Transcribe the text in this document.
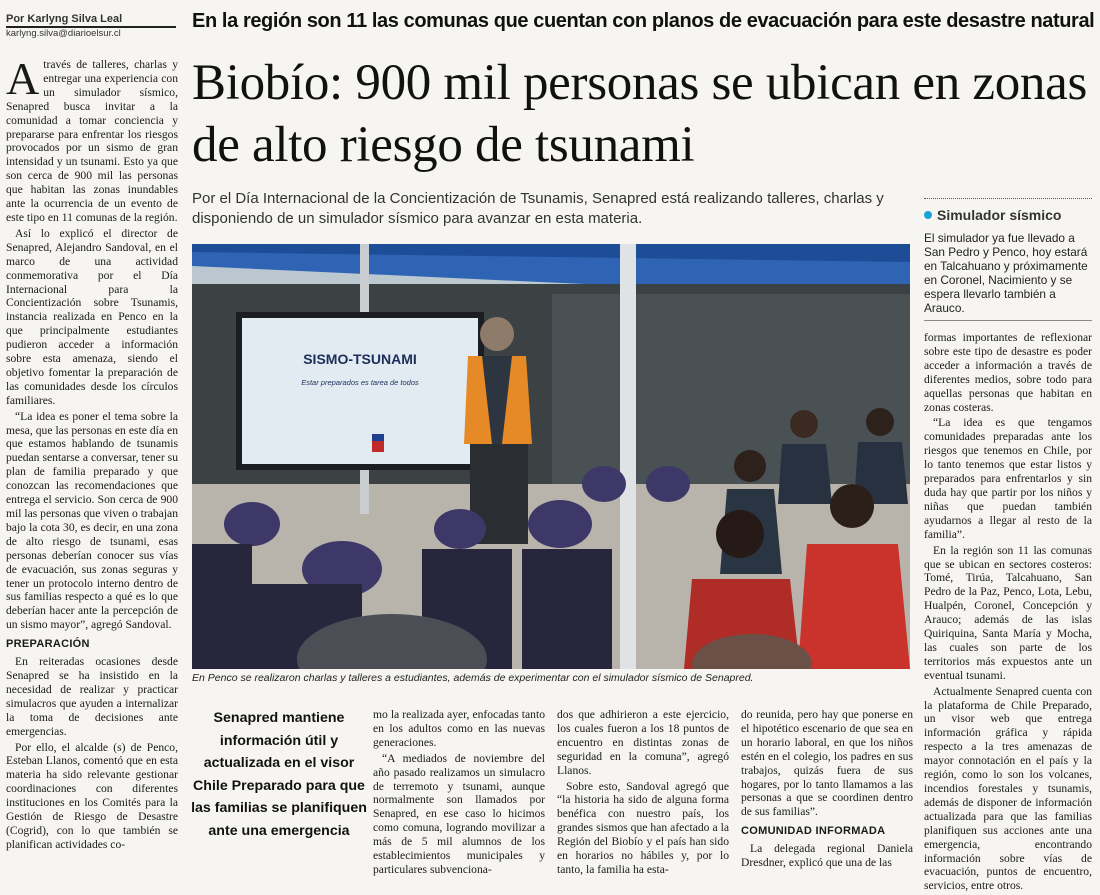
Por Karlyng Silva Leal
karlyng.silva@diarioelsur.cl
En la región son 11 las comunas que cuentan con planos de evacuación para este desastre natural
Biobío: 900 mil personas se ubican en zonas de alto riesgo de tsunami
Por el Día Internacional de la Concientización de Tsunamis, Senapred está realizando talleres, charlas y disponiendo de un simulador sísmico para avanzar en esta materia.	Simulador sísmico
El simulador ya fue llevado a San Pedro y Penco, hoy estará en Talcahuano y próximamente en Coronel, Nacimiento y se espera llevarlo también a Arauco.

Através de talleres, charlas y entregar una experiencia con un simulador sísmico, Senapred busca invitar a la comunidad a tomar conciencia y prepararse para enfrentar los riesgos provocados por un sismo de gran intensidad y un tsunami. Esto ya que son cerca de 900 mil las personas que habitan las zonas inundables ante la ocurrencia de un evento de este tipo en 11 comunas de la región.

Así lo explicó el director de Senapred, Alejandro Sandoval, en el marco de una actividad conmemorativa por el Día Internacional para la Concientización sobre Tsunamis, instancia realizada en Penco en la que principalmente estudiantes pudieron acceder a información sobre esta amenaza, siendo el objetivo fomentar la preparación de las comunidades desde los círculos familiares.

“La idea es poner el tema sobre la mesa, que las personas en este día en que estamos hablando de tsunamis puedan sentarse a conversar, tener su plan de familia preparado y que conozcan las recomendaciones que entrega el servicio. Son cerca de 900 mil las personas que viven o trabajan bajo la cota 30, es decir, en una zona de alto riesgo de tsunami, esas personas deberían conocer sus vías de evacuación, sus zonas seguras y tener un protocolo interno dentro de sus familias respecto a qué es lo que deberían hacer ante la percepción de un sismo mayor”, agregó Sandoval.

PREPARACIÓN

En reiteradas ocasiones desde Senapred se ha insistido en la necesidad de realizar y practicar simulacros que ayuden a internalizar la toma de decisiones ante emergencias.

Por ello, el alcalde (s) de Penco, Esteban Llanos, comentó que en esta materia ha sido relevante gestionar coordinaciones con diferentes instituciones en los Comités para la Gestión de Riesgo de Desastre (Cogrid), con lo que también se planifican actividades co-

SISMO-TSUNAMI
Estar preparados es tarea de todos
En Penco se realizaron charlas y talleres a estudiantes, además de experimentar con el simulador sísmico de Senapred.
Senapred mantiene información útil y actualizada en el visor Chile Preparado para que las familias se planifiquen ante una emergencia

mo la realizada ayer, enfocadas tanto en los adultos como en las nuevas generaciones.

“A mediados de noviembre del año pasado realizamos un simulacro de terremoto y tsunami, aunque normalmente son llamados por Senapred, en ese caso lo hicimos como comuna, logrando movilizar a más de 5 mil alumnos de los establecimientos municipales y particulares subvenciona-

dos que adhirieron a este ejercicio, los cuales fueron a los 18 puntos de encuentro en distintas zonas de seguridad en la comuna”, agregó Llanos.

Sobre esto, Sandoval agregó que “la historia ha sido de alguna forma benéfica con nuestro país, los grandes sismos que han afectado a la Región del Biobío y el país han sido en horarios no hábiles y, por lo tanto, la familia ha esta-

do reunida, pero hay que ponerse en el hipotético escenario de que sea en un horario laboral, en que los niños estén en el colegio, los padres en sus trabajos, quizás fuera de sus hogares, por lo tanto llamamos a las personas a que se coordinen dentro de sus familias”.

COMUNIDAD INFORMADA

La delegada regional Daniela Dresdner, explicó que una de las

formas importantes de reflexionar sobre este tipo de desastre es poder acceder a información a través de diferentes medios, sobre todo para aquellas personas que habitan en zonas costeras.

“La idea es que tengamos comunidades preparadas ante los riesgos que tenemos en Chile, por lo tanto tenemos que estar listos y preparados para enfrentarlos y sin duda hay que partir por los niños y niñas que puedan también ayudarnos a llegar al resto de la familia”.

En la región son 11 las comunas que se ubican en sectores costeros: Tomé, Tirúa, Talcahuano, San Pedro de la Paz, Penco, Lota, Lebu, Hualpén, Coronel, Concepción y Arauco; además de las islas Quiriquina, Santa María y Mocha, las cuales son parte de los territorios más expuestos ante un eventual tsunami.

Actualmente Senapred cuenta con la plataforma de Chile Preparado, un visor web que entrega información gráfica y rápida respecto a la tres amenazas de mayor connotación en el país y la región, como lo son los volcanes, incendios forestales y tsunamis, además de disponer de información actualizada para que las familias planifiquen sus acciones ante una emergencia, encontrando información sobre vías de evacuación, puntos de encuentro, servicios, entre otros.
